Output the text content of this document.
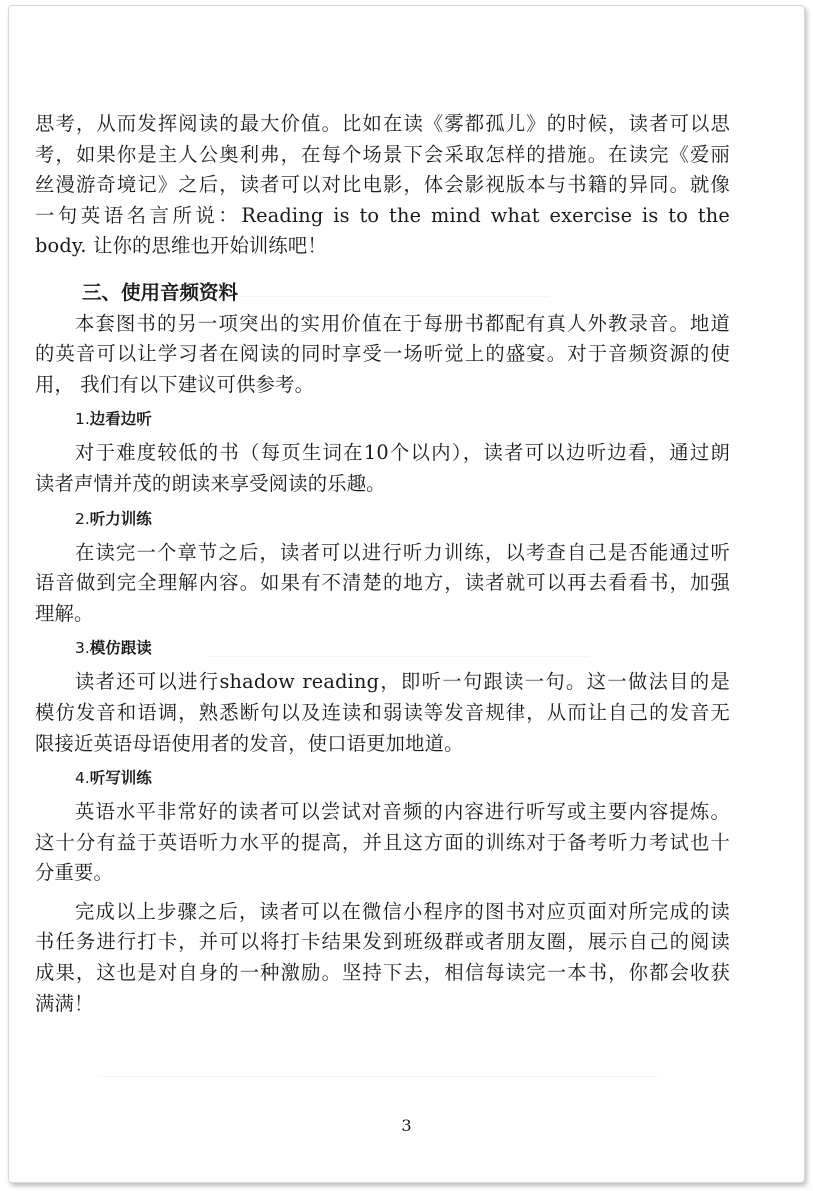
思考，从而发挥阅读的最大价值。比如在读《雾都孤儿》的时候，读者可以思
考，如果你是主人公奥利弗，在每个场景下会采取怎样的措施。在读完《爱丽
丝漫游奇境记》之后，读者可以对比电影，体会影视版本与书籍的异同。就像
一句英语名言所说：Reading is to the mind what exercise is to the
body. 让你的思维也开始训练吧！
三、使用音频资料
本套图书的另一项突出的实用价值在于每册书都配有真人外教录音。地道
的英音可以让学习者在阅读的同时享受一场听觉上的盛宴。对于音频资源的使
用， 我们有以下建议可供参考。
1.边看边听
对于难度较低的书（每页生词在10个以内），读者可以边听边看，通过朗
读者声情并茂的朗读来享受阅读的乐趣。
2.听力训练
在读完一个章节之后，读者可以进行听力训练，以考查自己是否能通过听
语音做到完全理解内容。如果有不清楚的地方，读者就可以再去看看书，加强
理解。
3.模仿跟读
读者还可以进行shadow reading，即听一句跟读一句。这一做法目的是
模仿发音和语调，熟悉断句以及连读和弱读等发音规律，从而让自己的发音无
限接近英语母语使用者的发音，使口语更加地道。
4.听写训练
英语水平非常好的读者可以尝试对音频的内容进行听写或主要内容提炼。
这十分有益于英语听力水平的提高，并且这方面的训练对于备考听力考试也十
分重要。
完成以上步骤之后，读者可以在微信小程序的图书对应页面对所完成的读
书任务进行打卡，并可以将打卡结果发到班级群或者朋友圈，展示自己的阅读
成果，这也是对自身的一种激励。坚持下去，相信每读完一本书，你都会收获
满满！
3
